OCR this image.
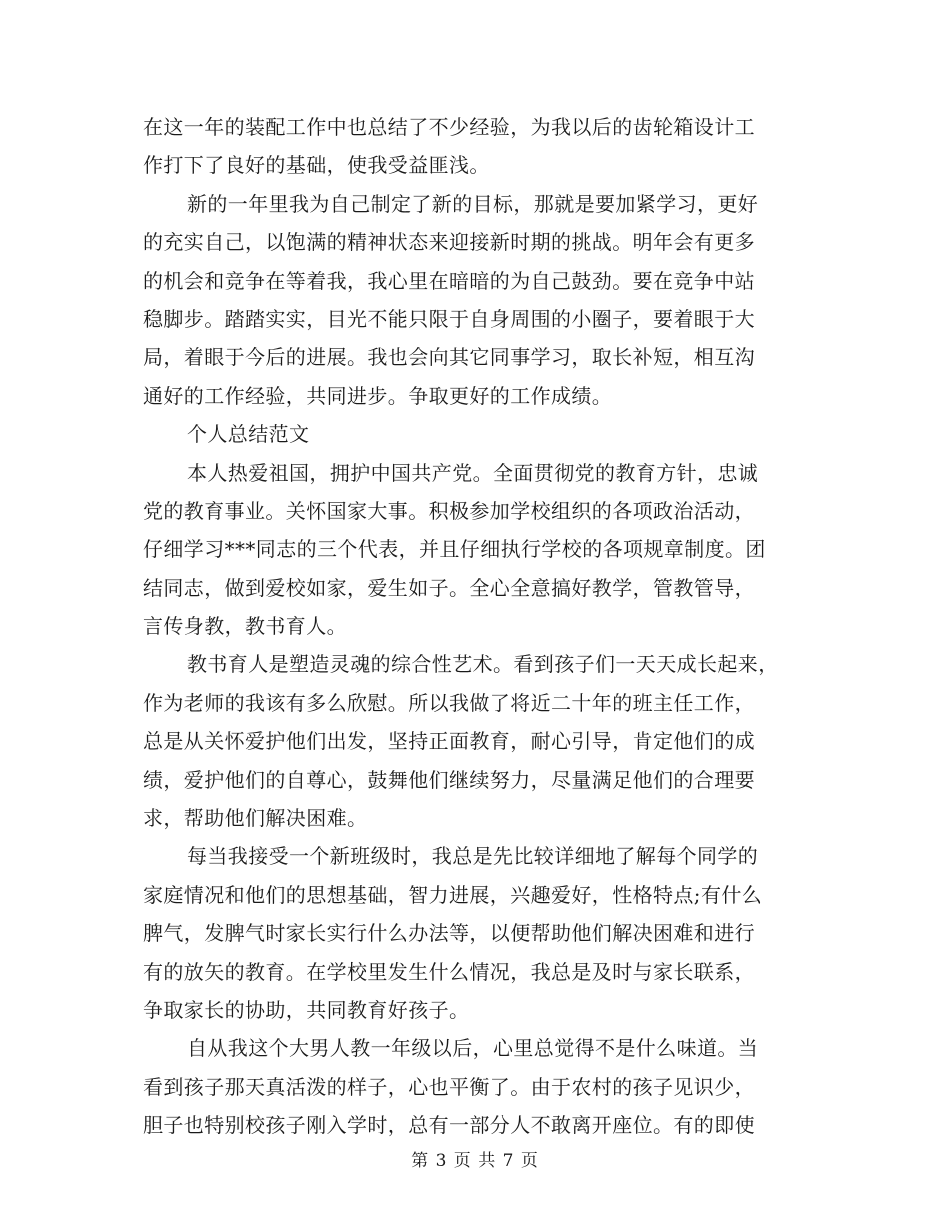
在这一年的装配工作中也总结了不少经验，为我以后的齿轮箱设计工
作打下了良好的基础，使我受益匪浅。
新的一年里我为自己制定了新的目标，那就是要加紧学习，更好
的充实自己，以饱满的精神状态来迎接新时期的挑战。明年会有更多
的机会和竞争在等着我，我心里在暗暗的为自己鼓劲。要在竞争中站
稳脚步。踏踏实实，目光不能只限于自身周围的小圈子，要着眼于大
局，着眼于今后的进展。我也会向其它同事学习，取长补短，相互沟
通好的工作经验，共同进步。争取更好的工作成绩。
个人总结范文
本人热爱祖国，拥护中国共产党。全面贯彻党的教育方针，忠诚
党的教育事业。关怀国家大事。积极参加学校组织的各项政治活动，
仔细学习***同志的三个代表，并且仔细执行学校的各项规章制度。团
结同志，做到爱校如家，爱生如子。全心全意搞好教学，管教管导，
言传身教，教书育人。
教书育人是塑造灵魂的综合性艺术。看到孩子们一天天成长起来，
作为老师的我该有多么欣慰。所以我做了将近二十年的班主任工作，
总是从关怀爱护他们出发，坚持正面教育，耐心引导，肯定他们的成
绩，爱护他们的自尊心，鼓舞他们继续努力，尽量满足他们的合理要
求，帮助他们解决困难。
每当我接受一个新班级时，我总是先比较详细地了解每个同学的
家庭情况和他们的思想基础，智力进展，兴趣爱好，性格特点;有什么
脾气，发脾气时家长实行什么办法等，以便帮助他们解决困难和进行
有的放矢的教育。在学校里发生什么情况，我总是及时与家长联系，
争取家长的协助，共同教育好孩子。
自从我这个大男人教一年级以后，心里总觉得不是什么味道。当
看到孩子那天真活泼的样子，心也平衡了。由于农村的孩子见识少，
胆子也特别校孩子刚入学时，总有一部分人不敢离开座位。有的即使
第 3 页 共 7 页
